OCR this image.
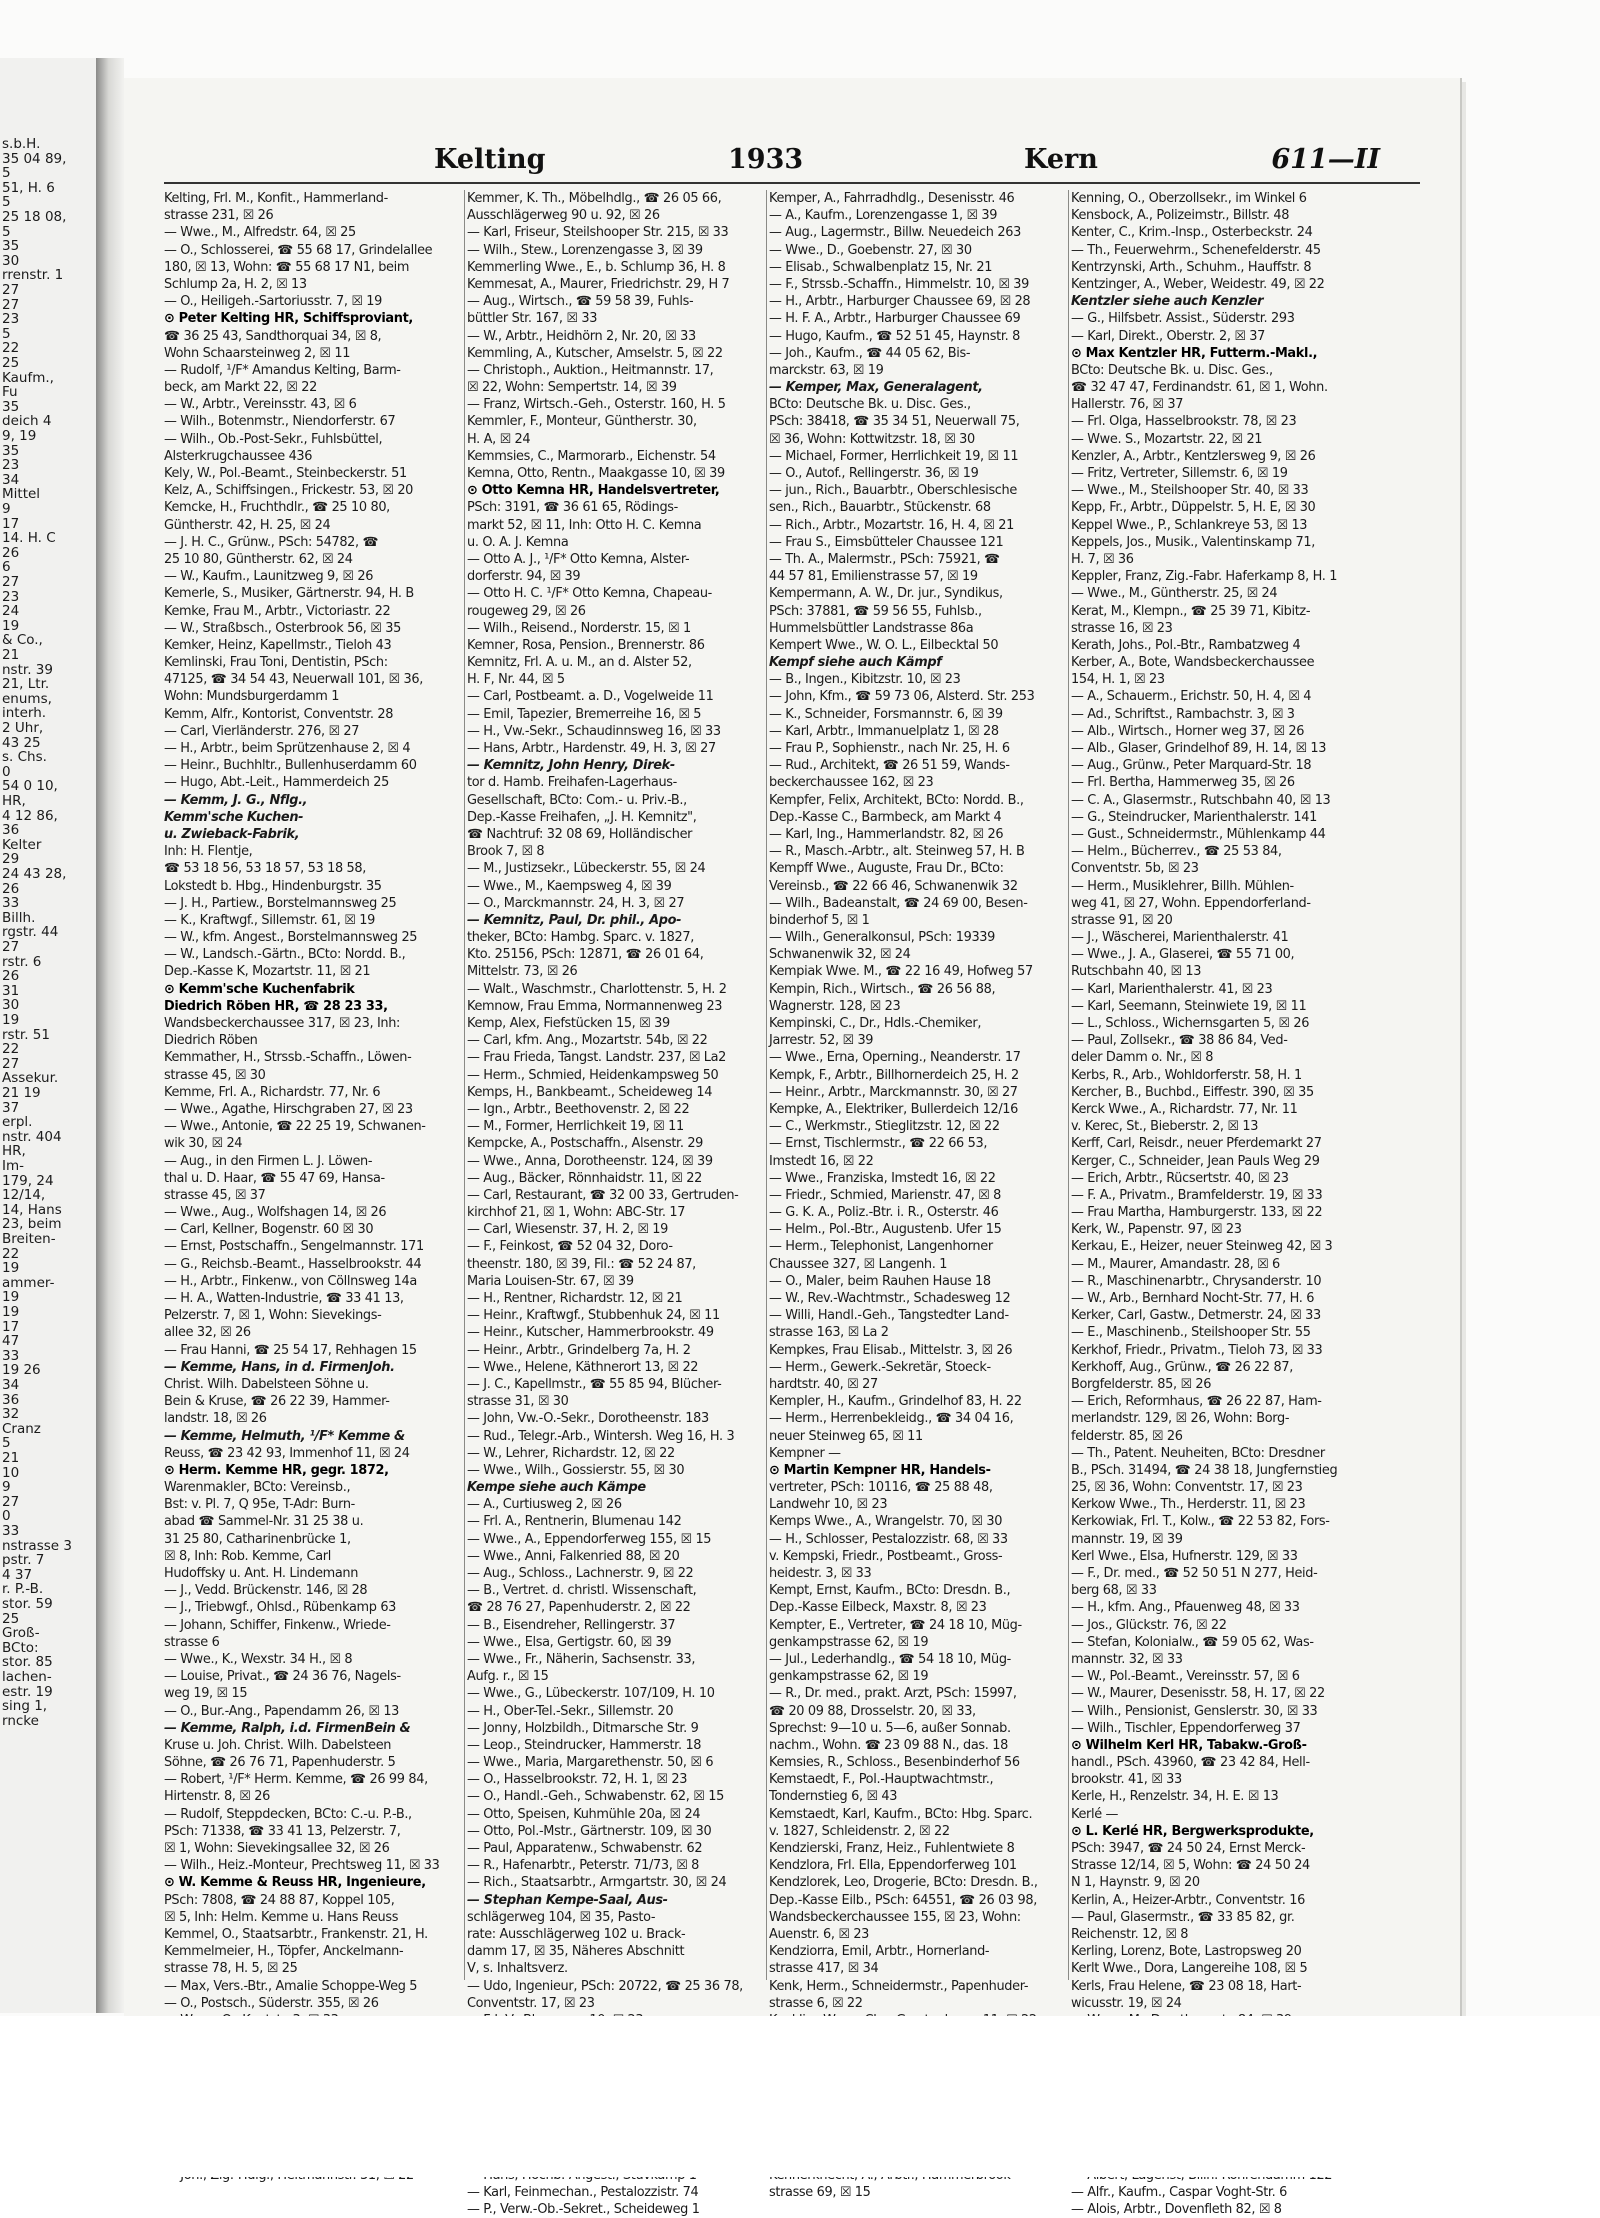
s.b.H.
35 04 89,
5
51, H. 6
5
25 18 08,
5
35
30
rrenstr. 1
27
27
23
5
22
25
Kaufm.,
Fu
35
deich 4
9, 19
35
23
34
Mittel
9
17
14. H. C
26
6
27
23
24
19
& Co.,
21
nstr. 39
21, Ltr.
enums,
interh.
2 Uhr,
43 25
s. Chs.
0
54 0 10,
HR,
4 12 86,
36
Kelter
29
24 43 28,
26
33
Billh.
rgstr. 44
27
rstr. 6
26
31
30
19
rstr. 51
22
27
Assekur.
21 19
37
erpl.
nstr. 404
HR,
Im-
179, 24
12/14,
14, Hans
23, beim
Breiten-
22
19
ammer-
19
19
17
47
33
19 26
34
36
32
Cranz
5
21
10
9
27
0
33
nstrasse 3
pstr. 7
4 37
r. P.-B.
stor. 59
25
Groß-
BCto:
stor. 85
lachen-
estr. 19
sing 1,
rncke
Kelting	1933	Kern	611—II
Kelting, Frl. M., Konfit., Hammerland-
strasse 231, ☒ 26
— Wwe., M., Alfredstr. 64, ☒ 25
— O., Schlosserei, ☎ 55 68 17, Grindelallee
180, ☒ 13, Wohn: ☎ 55 68 17 N1, beim
Schlump 2a, H. 2, ☒ 13
— O., Heiligeh.-Sartoriusstr. 7, ☒ 19
⊙ Peter Kelting HR, Schiffsproviant,
☎ 36 25 43, Sandthorquai 34, ☒ 8,
Wohn Schaarsteinweg 2, ☒ 11
— Rudolf, ¹/F* Amandus Kelting, Barm-
beck, am Markt 22, ☒ 22
— W., Arbtr., Vereinsstr. 43, ☒ 6
— Wilh., Botenmstr., Niendorferstr. 67
— Wilh., Ob.-Post-Sekr., Fuhlsbüttel,
Alsterkrugchaussee 436
Kely, W., Pol.-Beamt., Steinbeckerstr. 51
Kelz, A., Schiffsingen., Frickestr. 53, ☒ 20
Kemcke, H., Fruchthdlr., ☎ 25 10 80,
Güntherstr. 42, H. 25, ☒ 24
— J. H. C., Grünw., PSch: 54782, ☎
25 10 80, Güntherstr. 62, ☒ 24
— W., Kaufm., Launitzweg 9, ☒ 26
Kemerle, S., Musiker, Gärtnerstr. 94, H. B
Kemke, Frau M., Arbtr., Victoriastr. 22
— W., Straßbsch., Osterbrook 56, ☒ 35
Kemker, Heinz, Kapellmstr., Tieloh 43
Kemlinski, Frau Toni, Dentistin, PSch:
47125, ☎ 34 54 43, Neuerwall 101, ☒ 36,
Wohn: Mundsburgerdamm 1
Kemm, Alfr., Kontorist, Conventstr. 28
— Carl, Vierländerstr. 276, ☒ 27
— H., Arbtr., beim Sprützenhause 2, ☒ 4
— Heinr., Buchhltr., Bullenhuserdamm 60
— Hugo, Abt.-Leit., Hammerdeich 25
— Kemm, J. G., Nflg.,
Kemm'sche Kuchen-
u. Zwieback-Fabrik,
Inh: H. Flentje,
☎ 53 18 56, 53 18 57, 53 18 58,
Lokstedt b. Hbg., Hindenburgstr. 35
— J. H., Partiew., Borstelmannsweg 25
— K., Kraftwgf., Sillemstr. 61, ☒ 19
— W., kfm. Angest., Borstelmannsweg 25
— W., Landsch.-Gärtn., BCto: Nordd. B.,
Dep.-Kasse K, Mozartstr. 11, ☒ 21
⊙ Kemm'sche Kuchenfabrik
Diedrich Röben HR, ☎ 28 23 33,
Wandsbeckerchaussee 317, ☒ 23, Inh:
Diedrich Röben
Kemmather, H., Strssb.-Schaffn., Löwen-
strasse 45, ☒ 30
Kemme, Frl. A., Richardstr. 77, Nr. 6
— Wwe., Agathe, Hirschgraben 27, ☒ 23
— Wwe., Antonie, ☎ 22 25 19, Schwanen-
wik 30, ☒ 24
— Aug., in den Firmen L. J. Löwen-
thal u. D. Haar, ☎ 55 47 69, Hansa-
strasse 45, ☒ 37
— Wwe., Aug., Wolfshagen 14, ☒ 26
— Carl, Kellner, Bogenstr. 60 ☒ 30
— Ernst, Postschaffn., Sengelmannstr. 171
— G., Reichsb.-Beamt., Hasselbrookstr. 44
— H., Arbtr., Finkenw., von Cöllnsweg 14a
— H. A., Watten-Industrie, ☎ 33 41 13,
Pelzerstr. 7, ☒ 1, Wohn: Sievekings-
allee 32, ☒ 26
— Frau Hanni, ☎ 25 54 17, Rehhagen 15
— Kemme, Hans, in d. FirmenJoh.
Christ. Wilh. Dabelsteen Söhne u.
Bein & Kruse, ☎ 26 22 39, Hammer-
landstr. 18, ☒ 26
— Kemme, Helmuth, ¹/F* Kemme &
Reuss, ☎ 23 42 93, Immenhof 11, ☒ 24
⊙ Herm. Kemme HR, gegr. 1872,
Warenmakler, BCto: Vereinsb.,
Bst: v. Pl. 7, Q 95e, T-Adr: Burn-
abad ☎ Sammel-Nr. 31 25 38 u.
31 25 80, Catharinenbrücke 1,
☒ 8, Inh: Rob. Kemme, Carl
Hudoffsky u. Ant. H. Lindemann
— J., Vedd. Brückenstr. 146, ☒ 28
— J., Triebwgf., Ohlsd., Rübenkamp 63
— Johann, Schiffer, Finkenw., Wriede-
strasse 6
— Wwe., K., Wexstr. 34 H., ☒ 8
— Louise, Privat., ☎ 24 36 76, Nagels-
weg 19, ☒ 15
— O., Bur.-Ang., Papendamm 26, ☒ 13
— Kemme, Ralph, i.d. FirmenBein &
Kruse u. Joh. Christ. Wilh. Dabelsteen
Söhne, ☎ 26 76 71, Papenhuderstr. 5
— Robert, ¹/F* Herm. Kemme, ☎ 26 99 84,
Hirtenstr. 8, ☒ 26
— Rudolf, Steppdecken, BCto: C.-u. P.-B.,
PSch: 71338, ☎ 33 41 13, Pelzerstr. 7,
☒ 1, Wohn: Sievekingsallee 32, ☒ 26
— Wilh., Heiz.-Monteur, Prechtsweg 11, ☒ 33
⊙ W. Kemme & Reuss HR, Ingenieure,
PSch: 7808, ☎ 24 88 87, Koppel 105,
☒ 5, Inh: Helm. Kemme u. Hans Reuss
Kemmel, O., Staatsarbtr., Frankenstr. 21, H.
Kemmelmeier, H., Töpfer, Anckelmann-
strasse 78, H. 5, ☒ 25
— Max, Vers.-Btr., Amalie Schoppe-Weg 5
— O., Postsch., Süderstr. 355, ☒ 26
Kemmer, K. Th., Möbelhdlg., ☎ 26 05 66,
Ausschlägerweg 90 u. 92, ☒ 26
— Karl, Friseur, Steilshooper Str. 215, ☒ 33
— Wilh., Stew., Lorenzengasse 3, ☒ 39
Kemmerling Wwe., E., b. Schlump 36, H. 8
Kemmesat, A., Maurer, Friedrichstr. 29, H 7
— Aug., Wirtsch., ☎ 59 58 39, Fuhls-
büttler Str. 167, ☒ 33
— W., Arbtr., Heidhörn 2, Nr. 20, ☒ 33
Kemmling, A., Kutscher, Amselstr. 5, ☒ 22
— Christoph., Auktion., Heitmannstr. 17,
☒ 22, Wohn: Sempertstr. 14, ☒ 39
— Franz, Wirtsch.-Geh., Osterstr. 160, H. 5
Kemmler, F., Monteur, Güntherstr. 30,
H. A, ☒ 24
Kemmsies, C., Marmorarb., Eichenstr. 54
Kemna, Otto, Rentn., Maakgasse 10, ☒ 39
⊙ Otto Kemna HR, Handelsvertreter,
PSch: 3191, ☎ 36 61 65, Rödings-
markt 52, ☒ 11, Inh: Otto H. C. Kemna
u. O. A. J. Kemna
— Otto A. J., ¹/F* Otto Kemna, Alster-
dorferstr. 94, ☒ 39
— Otto H. C. ¹/F* Otto Kemna, Chapeau-
rougeweg 29, ☒ 26
— Wilh., Reisend., Norderstr. 15, ☒ 1
Kemner, Rosa, Pension., Brennerstr. 86
Kemnitz, Frl. A. u. M., an d. Alster 52,
H. F, Nr. 44, ☒ 5
— Carl, Postbeamt. a. D., Vogelweide 11
— Emil, Tapezier, Bremerreihe 16, ☒ 5
— H., Vw.-Sekr., Schaudinnsweg 16, ☒ 33
— Hans, Arbtr., Hardenstr. 49, H. 3, ☒ 27
— Kemnitz, John Henry, Direk-
tor d. Hamb. Freihafen-Lagerhaus-
Gesellschaft, BCto: Com.- u. Priv.-B.,
Dep.-Kasse Freihafen, „J. H. Kemnitz",
☎ Nachtruf: 32 08 69, Holländischer
Brook 7, ☒ 8
— M., Justizsekr., Lübeckerstr. 55, ☒ 24
— Wwe., M., Kaempsweg 4, ☒ 39
— O., Marckmannstr. 24, H. 3, ☒ 27
— Kemnitz, Paul, Dr. phil., Apo-
theker, BCto: Hambg. Sparc. v. 1827,
Kto. 25156, PSch: 12871, ☎ 26 01 64,
Mittelstr. 73, ☒ 26
— Walt., Waschmstr., Charlottenstr. 5, H. 2
Kemnow, Frau Emma, Normannenweg 23
Kemp, Alex, Fiefstücken 15, ☒ 39
— Carl, kfm. Ang., Mozartstr. 54b, ☒ 22
— Frau Frieda, Tangst. Landstr. 237, ☒ La2
— Herm., Schmied, Heidenkampsweg 50
Kemps, H., Bankbeamt., Scheideweg 14
— Ign., Arbtr., Beethovenstr. 2, ☒ 22
— M., Former, Herrlichkeit 19, ☒ 11
Kempcke, A., Postschaffn., Alsenstr. 29
— Wwe., Anna, Dorotheenstr. 124, ☒ 39
— Aug., Bäcker, Rönnhaidstr. 11, ☒ 22
— Carl, Restaurant, ☎ 32 00 33, Gertruden-
kirchhof 21, ☒ 1, Wohn: ABC-Str. 17
— Carl, Wiesenstr. 37, H. 2, ☒ 19
— F., Feinkost, ☎ 52 04 32, Doro-
theenstr. 180, ☒ 39, Fil.: ☎ 52 24 87,
Maria Louisen-Str. 67, ☒ 39
— H., Rentner, Richardstr. 12, ☒ 21
— Heinr., Kraftwgf., Stubbenhuk 24, ☒ 11
— Heinr., Kutscher, Hammerbrookstr. 49
— Heinr., Arbtr., Grindelberg 7a, H. 2
— Wwe., Helene, Käthnerort 13, ☒ 22
— J. C., Kapellmstr., ☎ 55 85 94, Blücher-
strasse 31, ☒ 30
— John, Vw.-O.-Sekr., Dorotheenstr. 183
— Rud., Telegr.-Arb., Wintersh. Weg 16, H. 3
— W., Lehrer, Richardstr. 12, ☒ 22
— Wwe., Wilh., Gossierstr. 55, ☒ 30
Kempe siehe auch Kämpe
— A., Curtiusweg 2, ☒ 26
— Frl. A., Rentnerin, Blumenau 142
— Wwe., A., Eppendorferweg 155, ☒ 15
— Wwe., Anni, Falkenried 88, ☒ 20
— Aug., Schloss., Lachnerstr. 9, ☒ 22
— B., Vertret. d. christl. Wissenschaft,
☎ 28 76 27, Papenhuderstr. 2, ☒ 22
— B., Eisendreher, Rellingerstr. 37
— Wwe., Elsa, Gertigstr. 60, ☒ 39
— Wwe., Fr., Näherin, Sachsenstr. 33,
Aufg. r., ☒ 15
— Wwe., G., Lübeckerstr. 107/109, H. 10
— H., Ober-Tel.-Sekr., Sillemstr. 20
— Jonny, Holzbildh., Ditmarsche Str. 9
— Leop., Steindrucker, Hammerstr. 18
— Wwe., Maria, Margarethenstr. 50, ☒ 6
— O., Hasselbrookstr. 72, H. 1, ☒ 23
— O., Handl.-Geh., Schwabenstr. 62, ☒ 15
— Otto, Speisen, Kuhmühle 20a, ☒ 24
— Otto, Pol.-Mstr., Gärtnerstr. 109, ☒ 30
— Paul, Apparatenw., Schwabenstr. 62
— R., Hafenarbtr., Peterstr. 71/73, ☒ 8
— Rich., Staatsarbtr., Armgartstr. 30, ☒ 24
— Stephan Kempe-Saal, Aus-
schlägerweg 104, ☒ 35, Pasto-
rate: Ausschlägerweg 102 u. Brack-
damm 17, ☒ 35, Näheres Abschnitt
V, s. Inhaltsverz.
— Udo, Ingenieur, PSch: 20722, ☎ 25 36 78,
Conventstr. 17, ☒ 23
— Karl, Feinmechan., Pestalozzistr. 74
— P., Verw.-Ob.-Sekret., Scheideweg 1
Kemper, A., Fahrradhdlg., Desenisstr. 46
— A., Kaufm., Lorenzengasse 1, ☒ 39
— Aug., Lagermstr., Billw. Neuedeich 263
— Wwe., D., Goebenstr. 27, ☒ 30
— Elisab., Schwalbenplatz 15, Nr. 21
— F., Strssb.-Schaffn., Himmelstr. 10, ☒ 39
— H., Arbtr., Harburger Chaussee 69, ☒ 28
— H. F. A., Arbtr., Harburger Chaussee 69
— Hugo, Kaufm., ☎ 52 51 45, Haynstr. 8
— Joh., Kaufm., ☎ 44 05 62, Bis-
marckstr. 63, ☒ 19
— Kemper, Max, Generalagent,
BCto: Deutsche Bk. u. Disc. Ges.,
PSch: 38418, ☎ 35 34 51, Neuerwall 75,
☒ 36, Wohn: Kottwitzstr. 18, ☒ 30
— Michael, Former, Herrlichkeit 19, ☒ 11
— O., Autof., Rellingerstr. 36, ☒ 19
— jun., Rich., Bauarbtr., Oberschlesische
sen., Rich., Bauarbtr., Stückenstr. 68
— Rich., Arbtr., Mozartstr. 16, H. 4, ☒ 21
— Frau S., Eimsbütteler Chaussee 121
— Th. A., Malermstr., PSch: 75921, ☎
44 57 81, Emilienstrasse 57, ☒ 19
Kempermann, A. W., Dr. jur., Syndikus,
PSch: 37881, ☎ 59 56 55, Fuhlsb.,
Hummelsbüttler Landstrasse 86a
Kempert Wwe., W. O. L., Eilbecktal 50
Kempf siehe auch Kämpf
— B., Ingen., Kibitzstr. 10, ☒ 23
— John, Kfm., ☎ 59 73 06, Alsterd. Str. 253
— K., Schneider, Forsmannstr. 6, ☒ 39
— Karl, Arbtr., Immanuelplatz 1, ☒ 28
— Frau P., Sophienstr., nach Nr. 25, H. 6
— Rud., Architekt, ☎ 26 51 59, Wands-
beckerchaussee 162, ☒ 23
Kempfer, Felix, Architekt, BCto: Nordd. B.,
Dep.-Kasse C., Barmbeck, am Markt 4
— Karl, Ing., Hammerlandstr. 82, ☒ 26
— R., Masch.-Arbtr., alt. Steinweg 57, H. B
Kempff Wwe., Auguste, Frau Dr., BCto:
Vereinsb., ☎ 22 66 46, Schwanenwik 32
— Wilh., Badeanstalt, ☎ 24 69 00, Besen-
binderhof 5, ☒ 1
— Wilh., Generalkonsul, PSch: 19339
Schwanenwik 32, ☒ 24
Kempiak Wwe. M., ☎ 22 16 49, Hofweg 57
Kempin, Rich., Wirtsch., ☎ 26 56 88,
Wagnerstr. 128, ☒ 23
Kempinski, C., Dr., Hdls.-Chemiker,
Jarrestr. 52, ☒ 39
— Wwe., Erna, Operning., Neanderstr. 17
Kempk, F., Arbtr., Billhornerdeich 25, H. 2
— Heinr., Arbtr., Marckmannstr. 30, ☒ 27
Kempke, A., Elektriker, Bullerdeich 12/16
— C., Werkmstr., Stieglitzstr. 12, ☒ 22
— Ernst, Tischlermstr., ☎ 22 66 53,
Imstedt 16, ☒ 22
— Wwe., Franziska, Imstedt 16, ☒ 22
— Friedr., Schmied, Marienstr. 47, ☒ 8
— G. K. A., Poliz.-Btr. i. R., Osterstr. 46
— Helm., Pol.-Btr., Augustenb. Ufer 15
— Herm., Telephonist, Langenhorner
Chaussee 327, ☒ Langenh. 1
— O., Maler, beim Rauhen Hause 18
— W., Rev.-Wachtmstr., Schadesweg 12
— Willi, Handl.-Geh., Tangstedter Land-
strasse 163, ☒ La 2
Kempkes, Frau Elisab., Mittelstr. 3, ☒ 26
— Herm., Gewerk.-Sekretär, Stoeck-
hardtstr. 40, ☒ 27
Kempler, H., Kaufm., Grindelhof 83, H. 22
— Herm., Herrenbekleidg., ☎ 34 04 16,
neuer Steinweg 65, ☒ 11
Kempner —
⊙ Martin Kempner HR, Handels-
vertreter, PSch: 10116, ☎ 25 88 48,
Landwehr 10, ☒ 23
Kemps Wwe., A., Wrangelstr. 70, ☒ 30
— H., Schlosser, Pestalozzistr. 68, ☒ 33
v. Kempski, Friedr., Postbeamt., Gross-
heidestr. 3, ☒ 33
Kempt, Ernst, Kaufm., BCto: Dresdn. B.,
Dep.-Kasse Eilbeck, Maxstr. 8, ☒ 23
Kempter, E., Vertreter, ☎ 24 18 10, Müg-
genkampstrasse 62, ☒ 19
— Jul., Lederhandlg., ☎ 54 18 10, Müg-
genkampstrasse 62, ☒ 19
— R., Dr. med., prakt. Arzt, PSch: 15997,
☎ 20 09 88, Drosselstr. 20, ☒ 33,
Sprechst: 9—10 u. 5—6, außer Sonnab.
nachm., Wohn. ☎ 23 09 88 N., das. 18
Kemsies, R., Schloss., Besenbinderhof 56
Kemstaedt, F., Pol.-Hauptwachtmstr.,
Tondernstieg 6, ☒ 43
Kemstaedt, Karl, Kaufm., BCto: Hbg. Sparc.
v. 1827, Schleidenstr. 2, ☒ 22
Kendzierski, Franz, Heiz., Fuhlentwiete 8
Kendzlora, Frl. Ella, Eppendorferweg 101
Kendzlorek, Leo, Drogerie, BCto: Dresdn. B.,
Dep.-Kasse Eilb., PSch: 64551, ☎ 26 03 98,
Wandsbeckerchaussee 155, ☒ 23, Wohn:
Auenstr. 6, ☒ 23
Kendziorra, Emil, Arbtr., Hornerland-
strasse 417, ☒ 34
Kenk, Herm., Schneidermstr., Papenhuder-
strasse 6, ☒ 22
strasse 69, ☒ 15
Kenning, O., Oberzollsekr., im Winkel 6
Kensbock, A., Polizeimstr., Billstr. 48
Kenter, C., Krim.-Insp., Osterbeckstr. 24
— Th., Feuerwehrm., Schenefelderstr. 45
Kentrzynski, Arth., Schuhm., Hauffstr. 8
Kentzinger, A., Weber, Weidestr. 49, ☒ 22
Kentzler siehe auch Kenzler
— G., Hilfsbetr. Assist., Süderstr. 293
— Karl, Direkt., Oberstr. 2, ☒ 37
⊙ Max Kentzler HR, Futterm.-Makl.,
BCto: Deutsche Bk. u. Disc. Ges.,
☎ 32 47 47, Ferdinandstr. 61, ☒ 1, Wohn.
Hallerstr. 76, ☒ 37
— Frl. Olga, Hasselbrookstr. 78, ☒ 23
— Wwe. S., Mozartstr. 22, ☒ 21
Kenzler, A., Arbtr., Kentzlersweg 9, ☒ 26
— Fritz, Vertreter, Sillemstr. 6, ☒ 19
— Wwe., M., Steilshooper Str. 40, ☒ 33
Kepp, Fr., Arbtr., Düppelstr. 5, H. E, ☒ 30
Keppel Wwe., P., Schlankreye 53, ☒ 13
Keppels, Jos., Musik., Valentinskamp 71,
H. 7, ☒ 36
Keppler, Franz, Zig.-Fabr. Haferkamp 8, H. 1
— Wwe., M., Güntherstr. 25, ☒ 24
Kerat, M., Klempn., ☎ 25 39 71, Kibitz-
strasse 16, ☒ 23
Kerath, Johs., Pol.-Btr., Rambatzweg 4
Kerber, A., Bote, Wandsbeckerchaussee
154, H. 1, ☒ 23
— A., Schauerm., Erichstr. 50, H. 4, ☒ 4
— Ad., Schriftst., Rambachstr. 3, ☒ 3
— Alb., Wirtsch., Horner weg 37, ☒ 26
— Alb., Glaser, Grindelhof 89, H. 14, ☒ 13
— Aug., Grünw., Peter Marquard-Str. 18
— Frl. Bertha, Hammerweg 35, ☒ 26
— C. A., Glasermstr., Rutschbahn 40, ☒ 13
— G., Steindrucker, Marienthalerstr. 141
— Gust., Schneidermstr., Mühlenkamp 44
— Helm., Bücherrev., ☎ 25 53 84,
Conventstr. 5b, ☒ 23
— Herm., Musiklehrer, Billh. Mühlen-
weg 41, ☒ 27, Wohn. Eppendorferland-
strasse 91, ☒ 20
— J., Wäscherei, Marienthalerstr. 41
— Wwe., J. A., Glaserei, ☎ 55 71 00,
Rutschbahn 40, ☒ 13
— Karl, Marienthalerstr. 41, ☒ 23
— Karl, Seemann, Steinwiete 19, ☒ 11
— L., Schloss., Wichernsgarten 5, ☒ 26
— Paul, Zollsekr., ☎ 38 86 84, Ved-
deler Damm o. Nr., ☒ 8
Kerbs, R., Arb., Wohldorferstr. 58, H. 1
Kercher, B., Buchbd., Eiffestr. 390, ☒ 35
Kerck Wwe., A., Richardstr. 77, Nr. 11
v. Kerec, St., Bieberstr. 2, ☒ 13
Kerff, Carl, Reisdr., neuer Pferdemarkt 27
Kerger, C., Schneider, Jean Pauls Weg 29
— Erich, Arbtr., Rücsertstr. 40, ☒ 23
— F. A., Privatm., Bramfelderstr. 19, ☒ 33
— Frau Martha, Hamburgerstr. 133, ☒ 22
Kerk, W., Papenstr. 97, ☒ 23
Kerkau, E., Heizer, neuer Steinweg 42, ☒ 3
— M., Maurer, Amandastr. 28, ☒ 6
— R., Maschinenarbtr., Chrysanderstr. 10
— W., Arb., Bernhard Nocht-Str. 77, H. 6
Kerker, Carl, Gastw., Detmerstr. 24, ☒ 33
— E., Maschinenb., Steilshooper Str. 55
Kerkhof, Friedr., Privatm., Tieloh 73, ☒ 33
Kerkhoff, Aug., Grünw., ☎ 26 22 87,
Borgfelderstr. 85, ☒ 26
— Erich, Reformhaus, ☎ 26 22 87, Ham-
merlandstr. 129, ☒ 26, Wohn: Borg-
felderstr. 85, ☒ 26
— Th., Patent. Neuheiten, BCto: Dresdner
B., PSch. 31494, ☎ 24 38 18, Jungfernstieg
25, ☒ 36, Wohn: Conventstr. 17, ☒ 23
Kerkow Wwe., Th., Herderstr. 11, ☒ 23
Kerkowiak, Frl. T., Kolw., ☎ 22 53 82, Fors-
mannstr. 19, ☒ 39
Kerl Wwe., Elsa, Hufnerstr. 129, ☒ 33
— F., Dr. med., ☎ 52 50 51 N 277, Heid-
berg 68, ☒ 33
— H., kfm. Ang., Pfauenweg 48, ☒ 33
— Jos., Glückstr. 76, ☒ 22
— Stefan, Kolonialw., ☎ 59 05 62, Was-
mannstr. 32, ☒ 33
— W., Pol.-Beamt., Vereinsstr. 57, ☒ 6
— W., Maurer, Desenisstr. 58, H. 17, ☒ 22
— Wilh., Pensionist, Genslerstr. 30, ☒ 33
— Wilh., Tischler, Eppendorferweg 37
⊙ Wilhelm Kerl HR, Tabakw.-Groß-
handl., PSch. 43960, ☎ 23 42 84, Hell-
brookstr. 41, ☒ 33
Kerle, H., Renzelstr. 34, H. E. ☒ 13
Kerlé —
⊙ L. Kerlé HR, Bergwerksprodukte,
PSch: 3947, ☎ 24 50 24, Ernst Merck-
Strasse 12/14, ☒ 5, Wohn: ☎ 24 50 24
N 1, Haynstr. 9, ☒ 20
Kerlin, A., Heizer-Arbtr., Conventstr. 16
— Paul, Glasermstr., ☎ 33 85 82, gr.
Reichenstr. 12, ☒ 8
Kerling, Lorenz, Bote, Lastropsweg 20
Kerlt Wwe., Dora, Langereihe 108, ☒ 5
Kerls, Frau Helene, ☎ 23 08 18, Hart-
wicusstr. 19, ☒ 24
— Alfr., Kaufm., Caspar Voght-Str. 6
— Alois, Arbtr., Dovenfleth 82, ☒ 8
